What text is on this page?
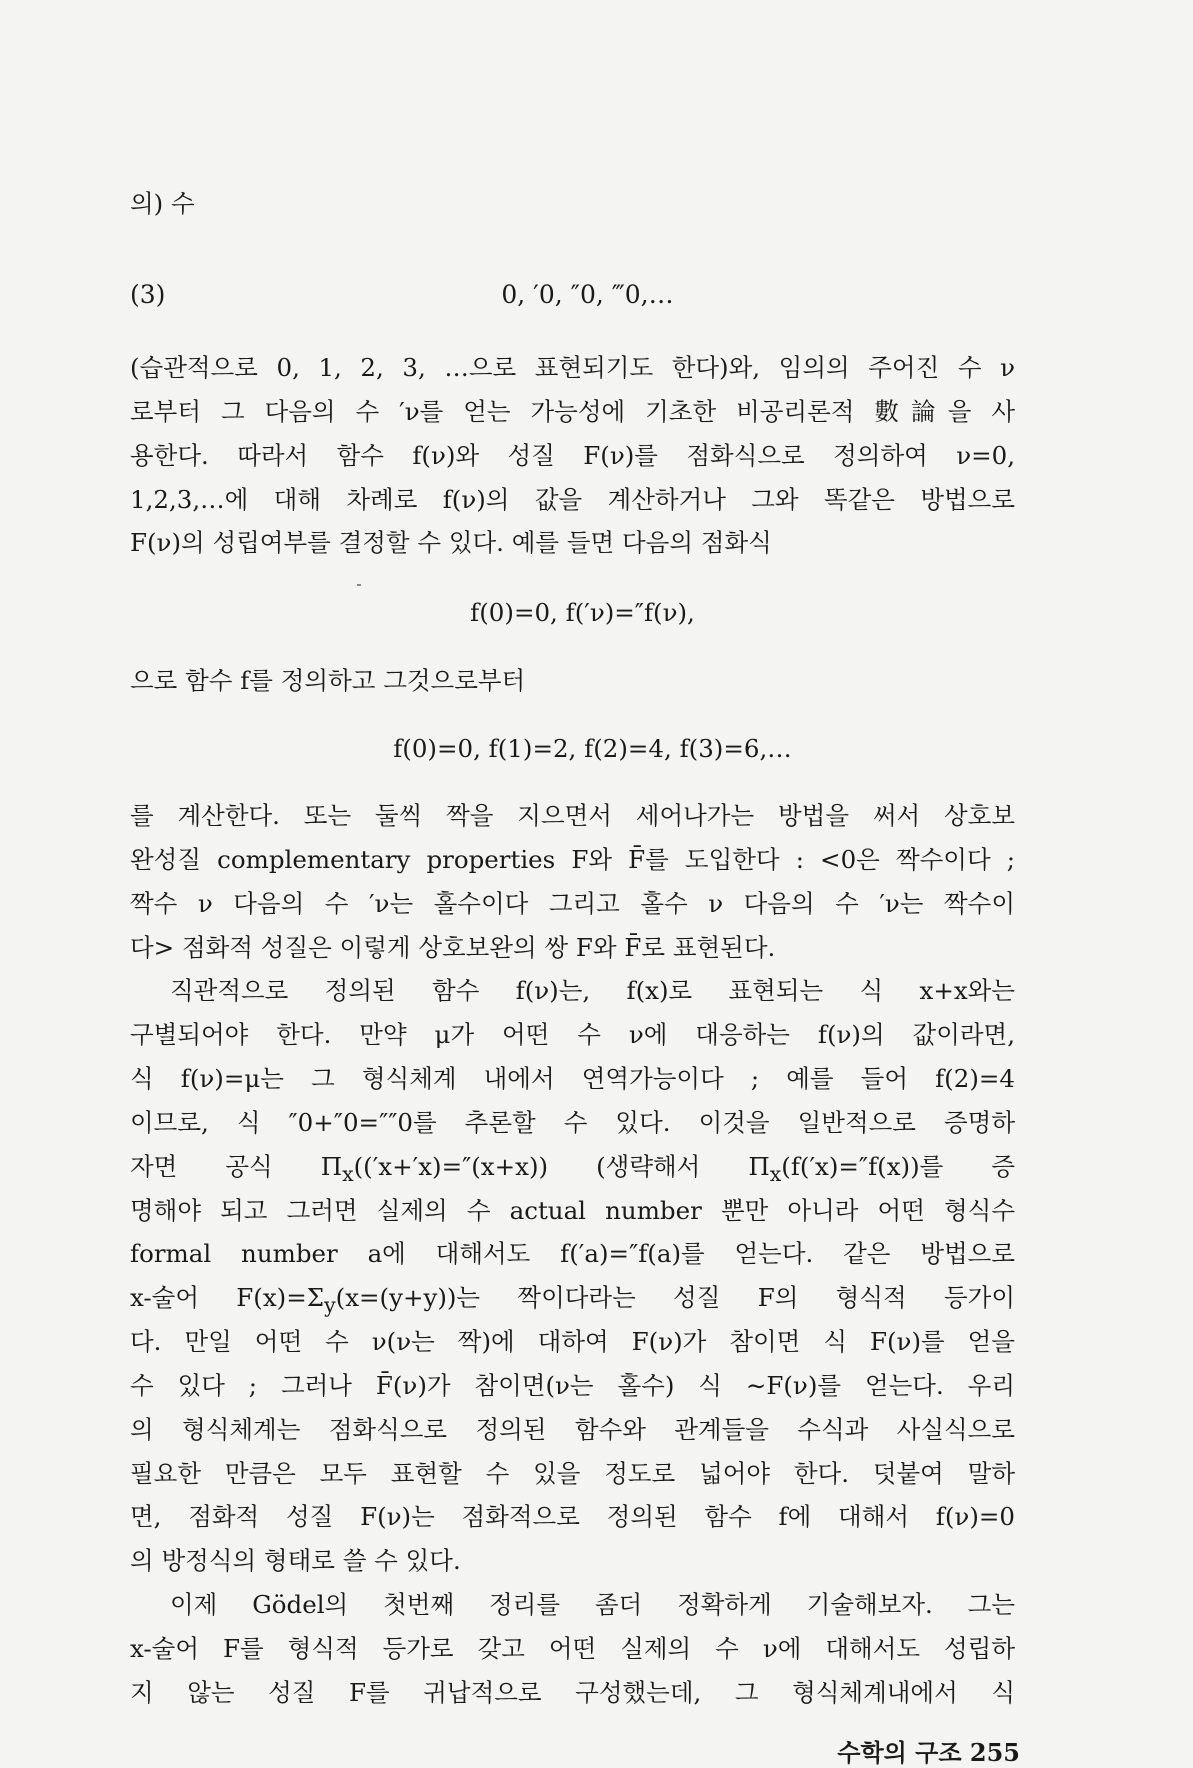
의) 수
(3)	0, ′0, ″0, ‴0,…
(습관적으로 0, 1, 2, 3, …으로 표현되기도 한다)와, 임의의 주어진 수 ν
로부터 그 다음의 수 ′ν를 얻는 가능성에 기초한 비공리론적 數論을 사
용한다. 따라서 함수 f(ν)와 성질 F(ν)를 점화식으로 정의하여 ν=0,
1,2,3,…에 대해 차례로 f(ν)의 값을 계산하거나 그와 똑같은 방법으로
F(ν)의 성립여부를 결정할 수 있다. 예를 들면 다음의 점화식
f(0)=0, f(′ν)=″f(ν),
으로 함수 f를 정의하고 그것으로부터
f(0)=0, f(1)=2, f(2)=4, f(3)=6,…
를 계산한다. 또는 둘씩 짝을 지으면서 세어나가는 방법을 써서 상호보
완성질 complementary properties F와 F̄를 도입한다 : <0은 짝수이다 ;
짝수 ν 다음의 수 ′ν는 홀수이다 그리고 홀수 ν 다음의 수 ′ν는 짝수이
다> 점화적 성질은 이렇게 상호보완의 쌍 F와 F̄로 표현된다.
직관적으로 정의된 함수 f(ν)는, f(x)로 표현되는 식 x+x와는
구별되어야 한다. 만약 μ가 어떤 수 ν에 대응하는 f(ν)의 값이라면,
식 f(ν)=μ는 그 형식체계 내에서 연역가능이다 ; 예를 들어 f(2)=4
이므로, 식 ″0+″0=″″0를 추론할 수 있다. 이것을 일반적으로 증명하
자면 공식 $\Pi_x(('x+'x)=''(x+x))$ (생략해서 $\Pi_x(f('x)=''f(x))$를 증
명해야 되고 그러면 실제의 수 actual number 뿐만 아니라 어떤 형식수
formal number a에 대해서도 f(′a)=″f(a)를 얻는다. 같은 방법으로
x-술어 $F(x)=\Sigma_y(x=(y+y))$는 짝이다라는 성질 F의 형식적 등가이
다. 만일 어떤 수 ν(ν는 짝)에 대하여 F(ν)가 참이면 식 F(ν)를 얻을
수 있다 ; 그러나 F̄(ν)가 참이면(ν는 홀수) 식 ∼F(ν)를 얻는다. 우리
의 형식체계는 점화식으로 정의된 함수와 관계들을 수식과 사실식으로
필요한 만큼은 모두 표현할 수 있을 정도로 넓어야 한다. 덧붙여 말하
면, 점화적 성질 F(ν)는 점화적으로 정의된 함수 f에 대해서 f(ν)=0
의 방정식의 형태로 쓸 수 있다.
이제 Gödel의 첫번째 정리를 좀더 정확하게 기술해보자. 그는
x-술어 F를 형식적 등가로 갖고 어떤 실제의 수 ν에 대해서도 성립하
지 않는 성질 F를 귀납적으로 구성했는데, 그 형식체계내에서 식
수학의 구조 255
